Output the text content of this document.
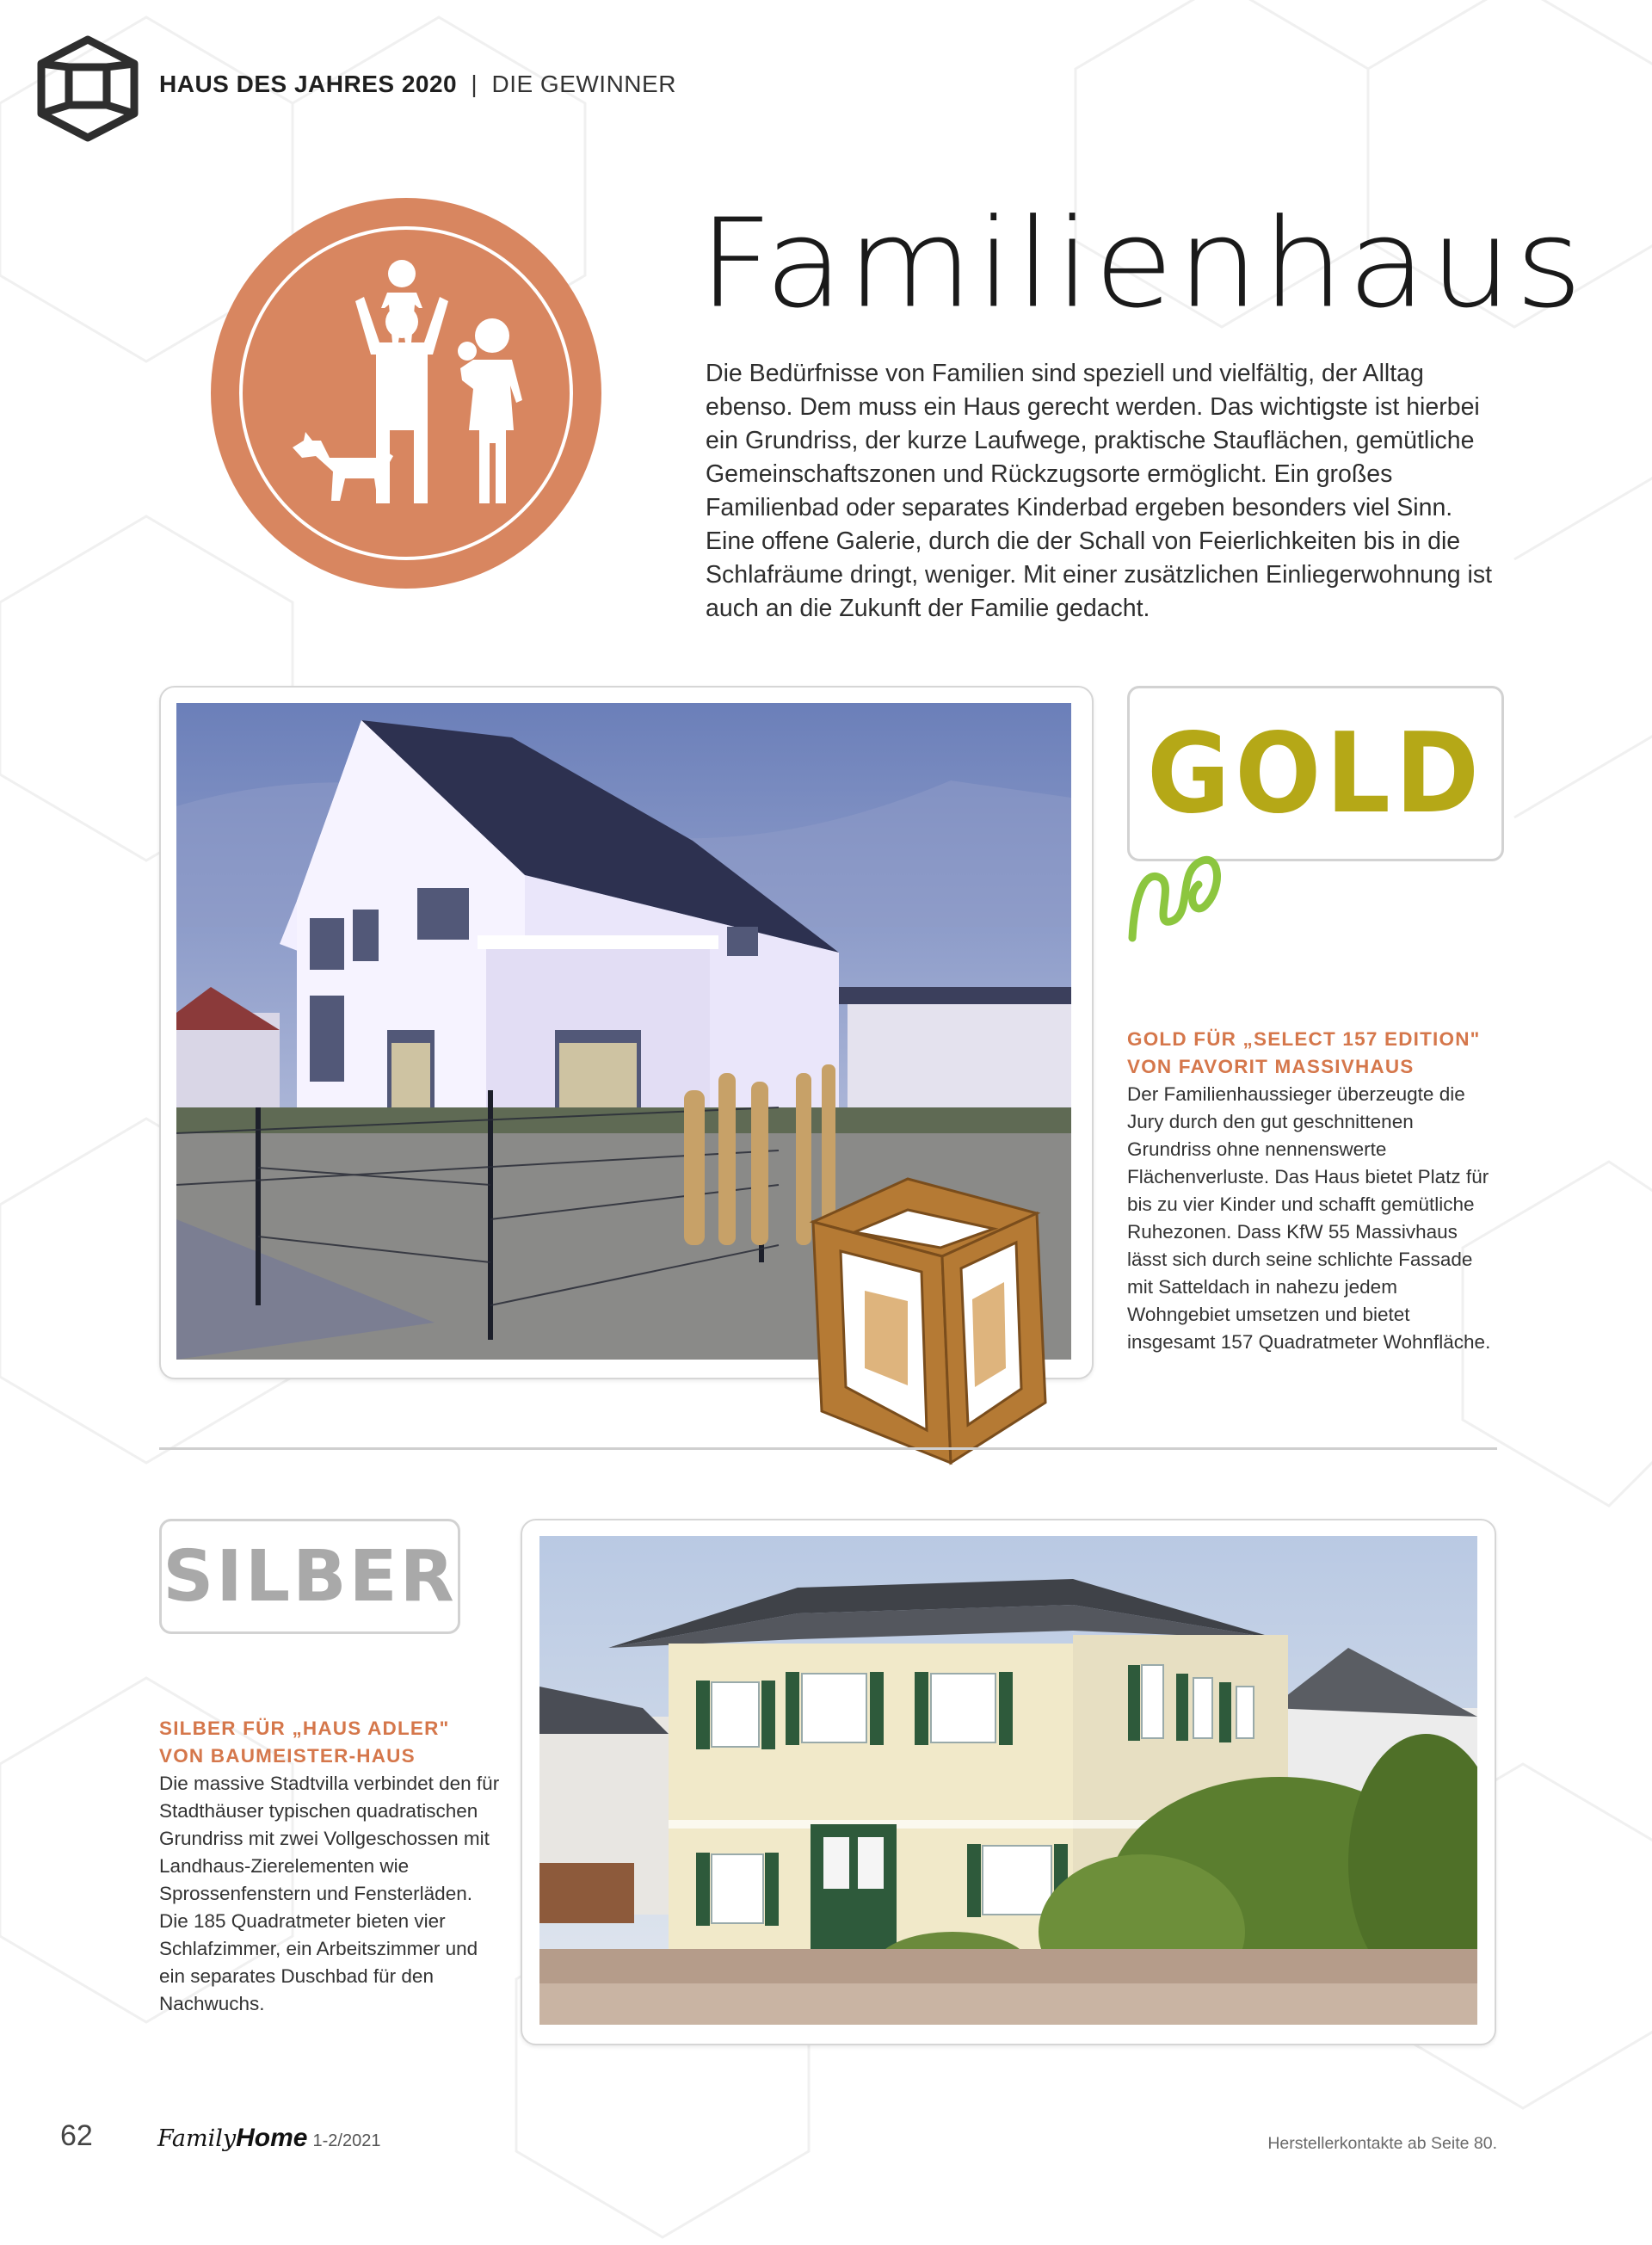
HAUS DES JAHRES 2020 | DIE GEWINNER
Familienhaus
Die Bedürfnisse von Familien sind speziell und vielfältig, der Alltag ebenso. Dem muss ein Haus gerecht werden. Das wichtigste ist hierbei ein Grundriss, der kurze Laufwege, praktische Stauflächen, gemütliche Gemeinschaftszonen und Rückzugsorte ermöglicht. Ein großes Familienbad oder separates Kinderbad ergeben besonders viel Sinn. Eine offene Galerie, durch die der Schall von Feierlichkeiten bis in die Schlafräume dringt, weniger. Mit einer zusätzlichen Einliegerwohnung ist auch an die Zukunft der Familie gedacht.
GOLD
GOLD FÜR „SELECT 157 EDITION"
VON FAVORIT MASSIVHAUS
Der Familienhaussieger überzeugte die Jury durch den gut geschnittenen Grundriss ohne nennenswerte Flächenverluste. Das Haus bietet Platz für bis zu vier Kinder und schafft gemütliche Ruhezonen. Dass KfW 55 Massivhaus lässt sich durch seine schlichte Fassade mit Satteldach in nahezu jedem Wohngebiet umsetzen und bietet insgesamt 157 Quadratmeter Wohnfläche.
SILBER
SILBER FÜR „HAUS ADLER"
VON BAUMEISTER-HAUS
Die massive Stadtvilla verbindet den für Stadthäuser typischen quadratischen Grundriss mit zwei Vollgeschossen mit Landhaus-Zierelementen wie Sprossenfenstern und Fensterläden. Die 185 Quadratmeter bieten vier Schlafzimmer, ein Arbeitszimmer und ein separates Duschbad für den Nachwuchs.
62	FamilyHome 1-2/2021	Herstellerkontakte ab Seite 80.
